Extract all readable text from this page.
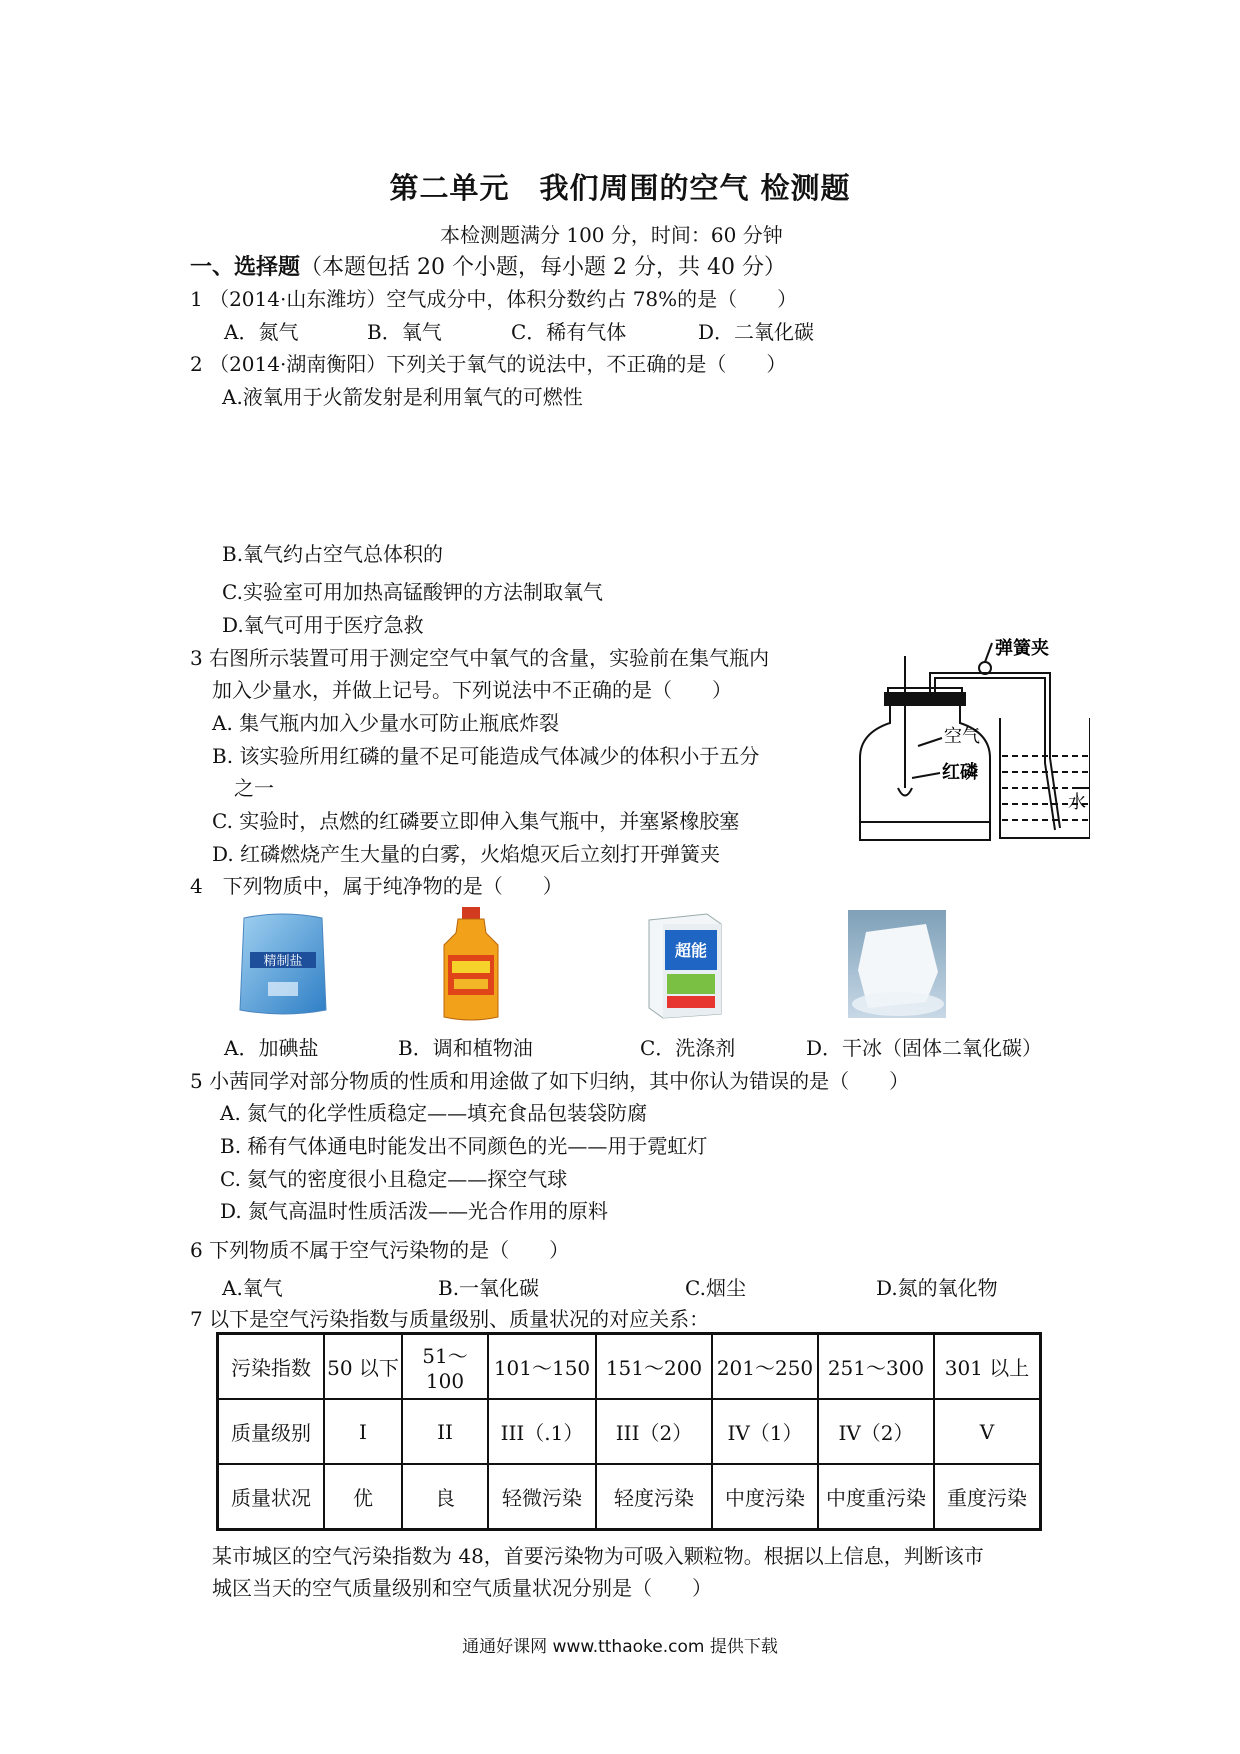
第二单元　我们周围的空气 检测题
本检测题满分 100 分，时间：60 分钟
一、选择题（本题包括 20 个小题，每小题 2 分，共 40 分）
1 （2014·山东潍坊）空气成分中，体积分数约占 78%的是（　　）
A．氮气	B．氧气	C．稀有气体	D．二氧化碳
2 （2014·湖南衡阳）下列关于氧气的说法中，不正确的是（　　）
A.液氧用于火箭发射是利用氧气的可燃性
B.氧气约占空气总体积的
C.实验室可用加热高锰酸钾的方法制取氧气
D.氧气可用于医疗急救
3 右图所示装置可用于测定空气中氧气的含量，实验前在集气瓶内
加入少量水，并做上记号。下列说法中不正确的是（　　）
A. 集气瓶内加入少量水可防止瓶底炸裂
B. 该实验所用红磷的量不足可能造成气体减少的体积小于五分
之一
C. 实验时，点燃的红磷要立即伸入集气瓶中，并塞紧橡胶塞
D. 红磷燃烧产生大量的白雾，火焰熄灭后立刻打开弹簧夹
弹簧夹
空气
红磷
水
4　下列物质中，属于纯净物的是（　　）
精制盐
超能
A．加碘盐	B．调和植物油	C．洗涤剂	D．干冰（固体二氧化碳）
5 小茜同学对部分物质的性质和用途做了如下归纳，其中你认为错误的是（　　）
A. 氮气的化学性质稳定——填充食品包装袋防腐
B. 稀有气体通电时能发出不同颜色的光——用于霓虹灯
C. 氦气的密度很小且稳定——探空气球
D. 氮气高温时性质活泼——光合作用的原料
6 下列物质不属于空气污染物的是（　　）
A.氧气	B.一氧化碳	C.烟尘	D.氮的氧化物
7 以下是空气污染指数与质量级别、质量状况的对应关系：
污染指数	50 以下	51～100	101～150	151～200	201～250	251～300	301 以上
质量级别	I	II	III（.1）	III（2）	IV（1）	IV（2）	V
质量状况	优	良	轻微污染	轻度污染	中度污染	中度重污染	重度污染
某市城区的空气污染指数为 48，首要污染物为可吸入颗粒物。根据以上信息，判断该市
城区当天的空气质量级别和空气质量状况分别是（　　）
通通好课网 www.tthaoke.com 提供下载
